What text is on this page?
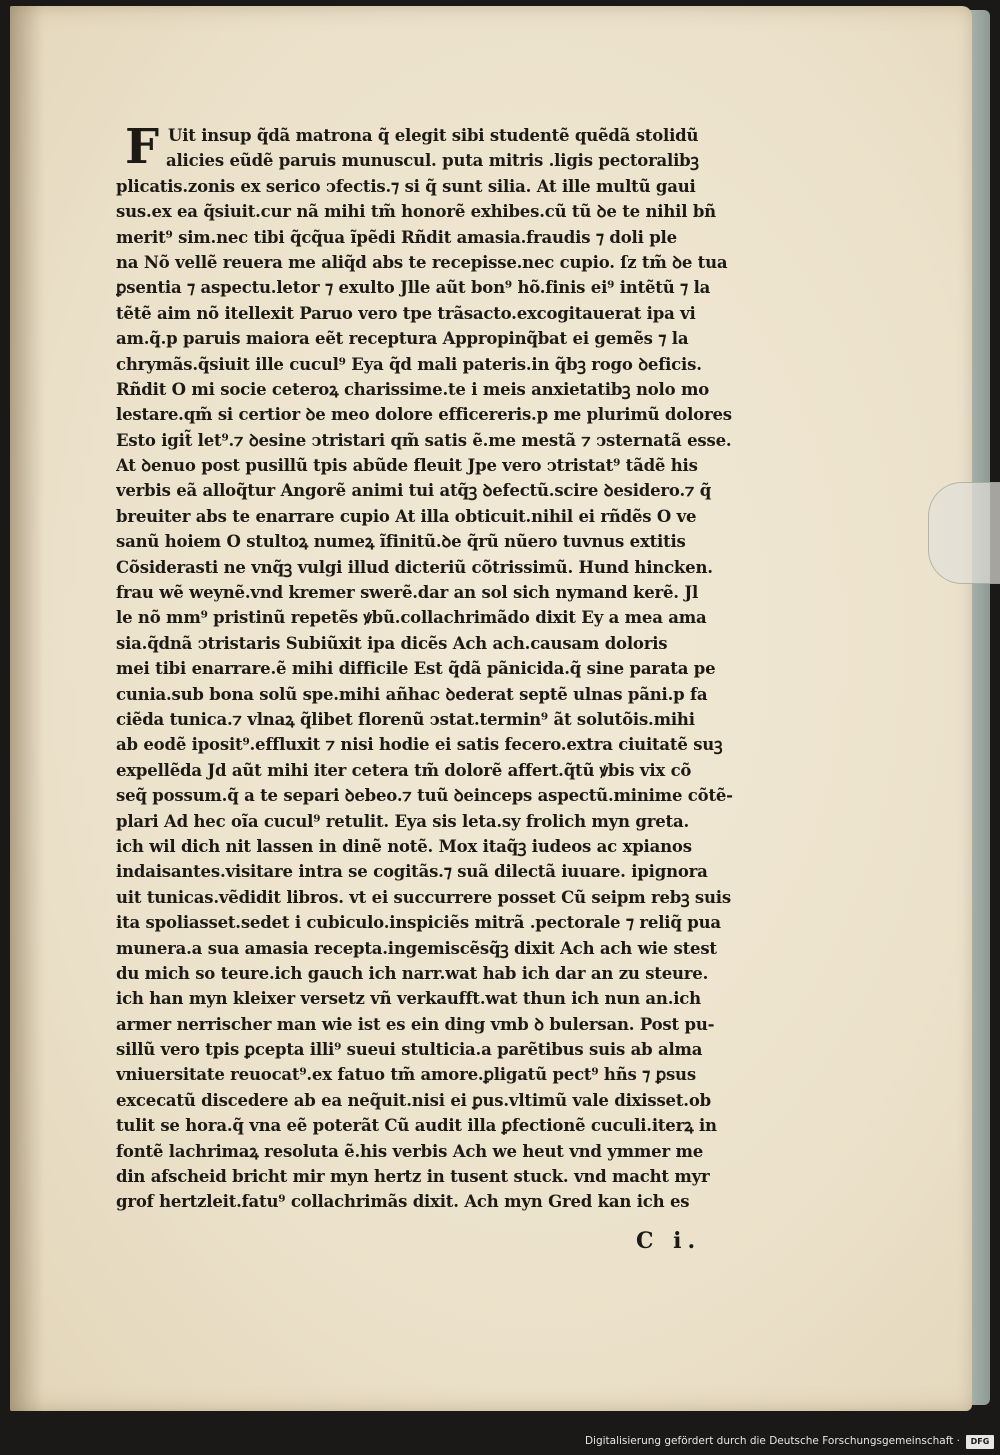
F Uit insup q̃dã matrona q̃ elegit sibi studentẽ quẽdã stolidũ
alicies eũdẽ paruis munuscul. puta mitris .ligis pectoralibꝫ
plicatis.zonis ex serico ↄfectis.⁊ si q̃ sunt silia. At ille multũ gaui
sus.ex ea q̃siuit.cur nã mihi tm̃ honorẽ exhibes.cũ tũ ꝺe te nihil bñ
merit⁹ sim.nec tibi q̃cq̃ua ĩpẽdi Rñdit amasia.fraudis ⁊ doli ple
na Nõ vellẽ reuera me aliq̃d abs te recepisse.nec cupio. ſz tm̃ ꝺe tua
ꝑsentia ⁊ aspectu.letor ⁊ exulto Jlle aũt bon⁹ hõ.finis ei⁹ intẽtũ ⁊ la
tẽtẽ aim nõ itellexit Paruo vero tpe trãsacto.excogitauerat ipa vi
am.q̃.p paruis maiora eẽt receptura Appropinq̃bat ei gemẽs ⁊ la
chrymãs.q̃siuit ille cucul⁹ Eya q̃d mali pateris.in q̃bꝫ rogo ꝺeficis.
Rñdit O mi socie ceteroꝝ charissime.te i meis anxietatibꝫ nolo mo
lestare.qm̃ si certior ꝺe meo dolore efficereris.p me plurimũ dolores
Esto igit̃ let⁹.⁊ ꝺesine ↄtristari qm̃ satis ẽ.me mestã ⁊ ↄsternatã esse.
At ꝺenuo post pusillũ tpis abũde fleuit Jpe vero ↄtristat⁹ tãdẽ his
verbis eã alloq̃tur Angorẽ animi tui atq̃ꝫ ꝺefectũ.scire ꝺesidero.⁊ q̃
breuiter abs te enarrare cupio At illa obticuit.nihil ei rñdẽs O ve
sanũ hoiem O stultoꝝ numeꝝ ĩfinitũ.ꝺe q̃rũ nũero tuvnus extitis
Cõsiderasti ne vnq̃ꝫ vulgi illud dicteriũ cõtrissimũ. Hund hincken.
frau wẽ weynẽ.vnd kremer swerẽ.dar an sol sich nymand kerẽ. Jl
le nõ mm⁹ pristinũ repetẽs ꝟbũ.collachrimãdo dixit Ey a mea ama
sia.q̃dnã ↄtristaris Subiũxit ipa dicẽs Ach ach.causam doloris
mei tibi enarrare.ẽ mihi difficile Est q̃dã pãnicida.q̃ sine parata pe
cunia.sub bona solũ spe.mihi añhac ꝺederat septẽ ulnas pãni.p fa
ciẽda tunica.⁊ vlnaꝝ q̃libet florenũ ↄstat.termin⁹ ãt solutõis.mihi
ab eodẽ iposit⁹.effluxit ⁊ nisi hodie ei satis fecero.extra ciuitatẽ suꝫ
expellẽda Jd aũt mihi iter cetera tm̃ dolorẽ affert.q̃tũ ꝟbis vix cõ
seq̃ possum.q̃ a te separi ꝺebeo.⁊ tuũ ꝺeinceps aspectũ.minime cõtẽ-
plari Ad hec oĩa cucul⁹ retulit. Eya sis leta.sy frolich myn greta.
ich wil dich nit lassen in dinẽ notẽ. Mox itaq̃ꝫ iudeos ac xpianos
indaisantes.visitare intra se cogitãs.⁊ suã dilectã iuuare. ipignora
uit tunicas.vẽdidit libros. vt ei succurrere posset Cũ seipm rebꝫ suis
ita spoliasset.sedet i cubiculo.inspiciẽs mitrã .pectorale ⁊ reliq̃ pua
munera.a sua amasia recepta.ingemiscẽsq̃ꝫ dixit Ach ach wie stest
du mich so teure.ich gauch ich narr.wat hab ich dar an zu steure.
ich han myn kleixer versetz vñ verkaufft.wat thun ich nun an.ich
armer nerrischer man wie ist es ein ding vmb ꝺ bulersan. Post pu-
sillũ vero tpis ꝑcepta illi⁹ sueui stulticia.a parẽtibus suis ab alma
vniuersitate reuocat⁹.ex fatuo tm̃ amore.ꝑligatũ pect⁹ hñs ⁊ ꝑsus
excecatũ discedere ab ea neq̃uit.nisi ei ꝑus.vltimũ vale dixisset.ob
tulit se hora.q̃ vna eẽ poterãt Cũ audit illa ꝑfectionẽ cuculi.iterꝝ in
fontẽ lachrimaꝝ resoluta ẽ.his verbis Ach we heut vnd ymmer me
din afscheid bricht mir myn hertz in tusent stuck. vnd macht myr
grof hertzleit.fatu⁹ collachrimãs dixit. Ach myn Gred kan ich es
C i.
Digitalisierung gefördert durch die Deutsche Forschungsgemeinschaft ·	DFG
